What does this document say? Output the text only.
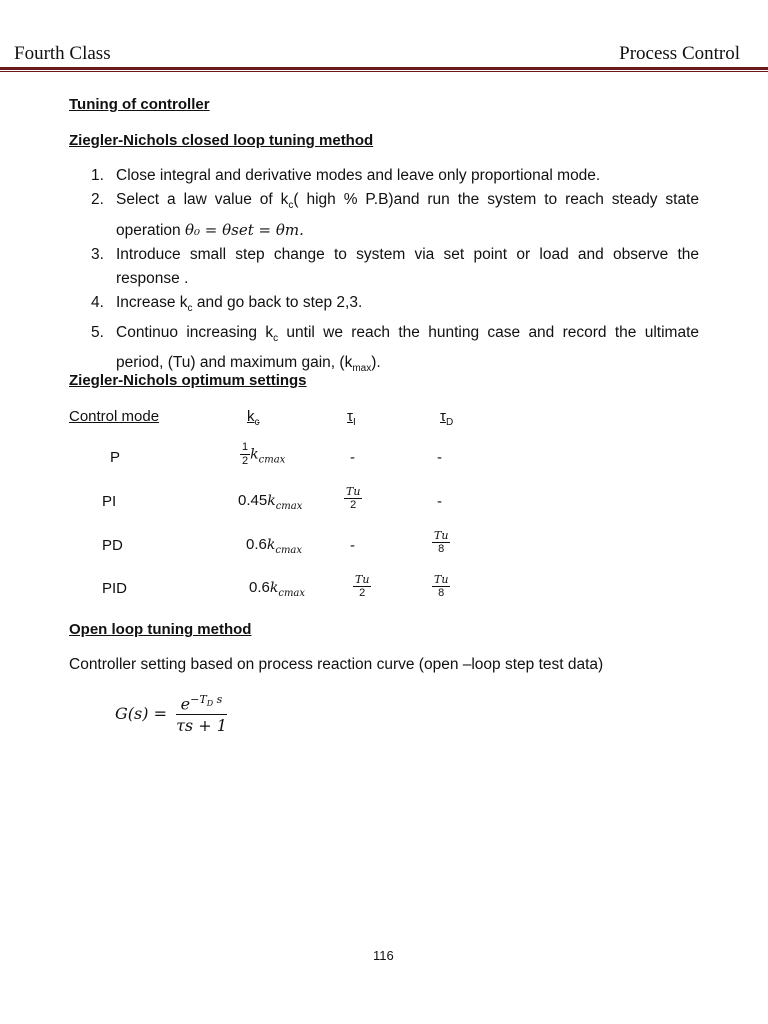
Fourth Class	Process Control
Tuning of controller
Ziegler-Nichols closed loop tuning method
1. Close integral and derivative modes and leave only proportional mode.
2. Select a law value of $k_c$( high % P.B)and run the system to reach steady state operation θ₀ = θset = θm.
3. Introduce small step change to system via set point or load and observe the response .
4. Increase $k_c$ and go back to step 2,3.
5. Continuo increasing $k_c$ until we reach the hunting case and record the ultimate period, (Tu) and maximum gain, $(k_{max})$.
Ziegler-Nichols optimum settings
Control mode	$k_c$	$\tau_I$	$\tau_D$
P	$\frac{1}{2} k_{cmax}$	-	-
PI	$0.45k_{cmax}$	$\frac{Tu}{2}$	-
PD	$0.6k_{cmax}$	-	$\frac{Tu}{8}$
PID	$0.6k_{cmax}$	$\frac{Tu}{2}$	$\frac{Tu}{8}$
Open loop tuning method
Controller setting based on process reaction curve (open –loop step test data)
$G(s) = \frac{e^{-T_D s}}{\tau s + 1}$
116
